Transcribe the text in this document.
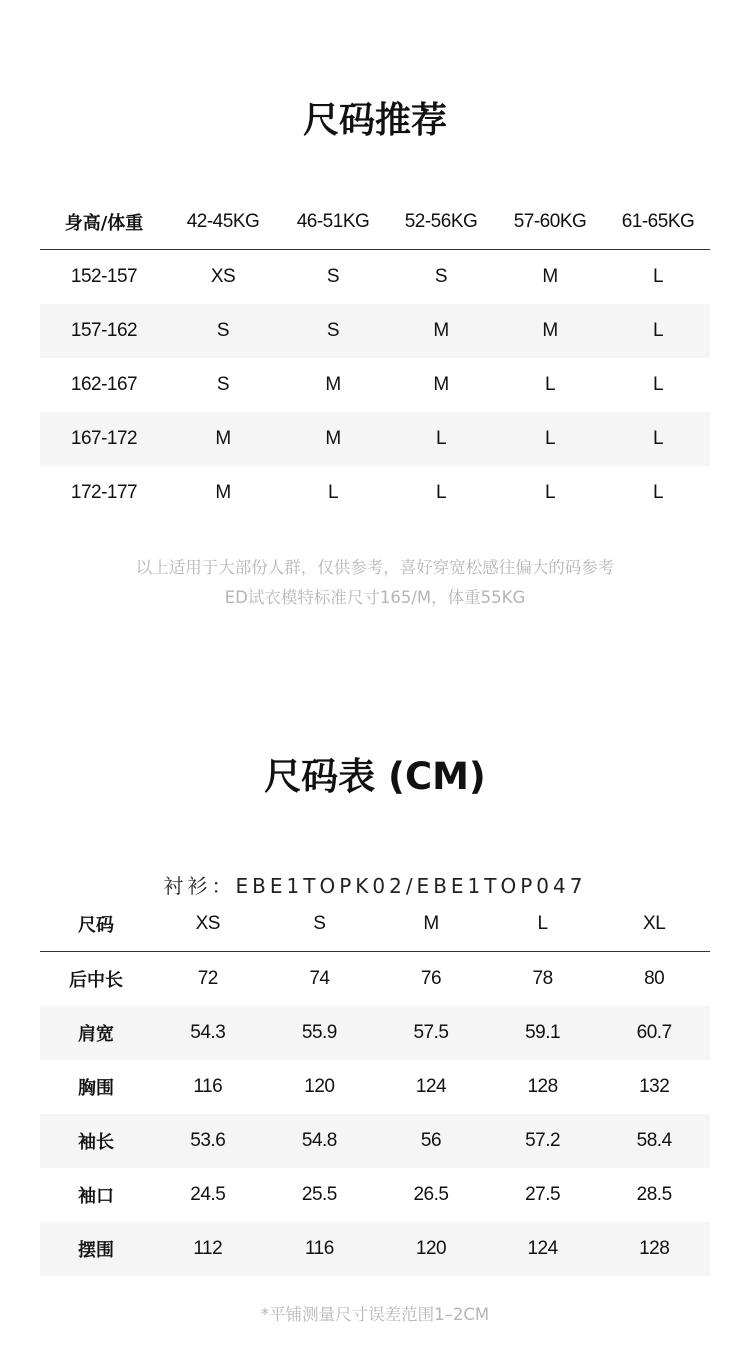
尺码推荐
身高/体重	42-45KG	46-51KG	52-56KG	57-60KG	61-65KG
152-157	XS	S	S	M	L
157-162	S	S	M	M	L
162-167	S	M	M	L	L
167-172	M	M	L	L	L
172-177	M	L	L	L	L

以上适用于大部份人群，仅供参考，喜好穿宽松感往偏大的码参考

ED试衣模特标准尺寸165/M，体重55KG

尺码表 (CM)

衬衫：EBE1TOPK02/EBE1TOP047

尺码	XS	S	M	L	XL
后中长	72	74	76	78	80
肩宽	54.3	55.9	57.5	59.1	60.7
胸围	116	120	124	128	132
袖长	53.6	54.8	56	57.2	58.4
袖口	24.5	25.5	26.5	27.5	28.5
摆围	112	116	120	124	128

*平铺测量尺寸误差范围1–2CM
